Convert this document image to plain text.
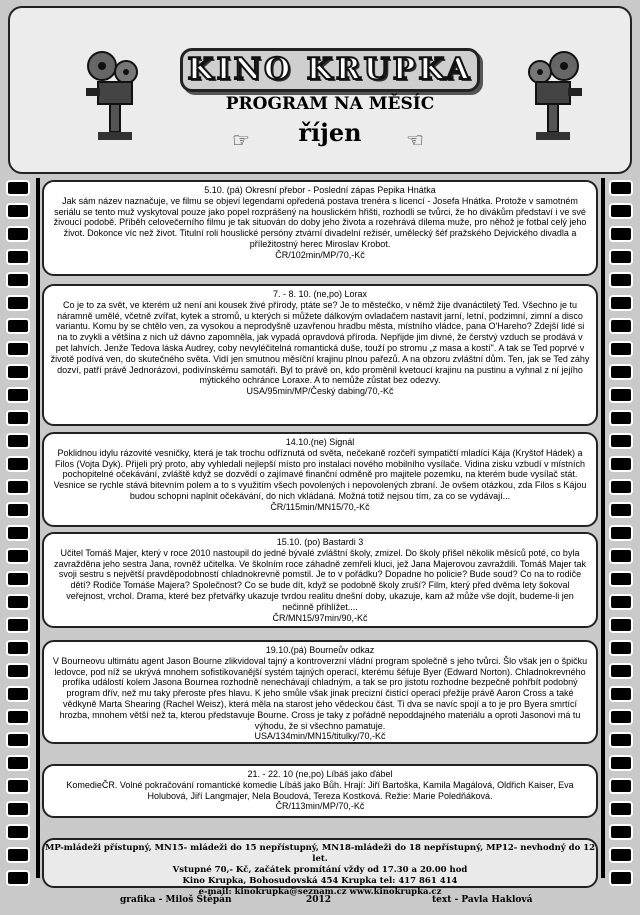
KINO KRUPKA
PROGRAM NA MĚSÍC
říjen
☞	☜
5.10. (pá) Okresní přebor - Poslední zápas Pepika Hnátka

Jak sám název naznačuje, ve filmu se objeví legendami opředená postava trenéra s licencí - Josefa Hnátka. Protože v samotném seriálu se tento muž vyskytoval pouze jako popel rozprášený na houslickém hřišti, rozhodli se tvůrci, že ho divákům představí i ve své živoucí podobě. Příběh celovečerního filmu je tak situován do doby jeho života a rozehrává dilema muže, pro něhož je fotbal celý jeho život. Dokonce víc než život. Titulní roli houslické persóny ztvární divadelní režisér, umělecký šéf pražského Dejvického divadla a příležitostný herec Miroslav Krobot.

ČR/102min/MP/70,-Kč

7. - 8. 10. (ne,po) Lorax

Co je to za svět, ve kterém už není ani kousek živé přírody, ptáte se? Je to městečko, v němž žije dvanáctiletý Ted. Všechno je tu náramně umělé, včetně zvířat, kytek a stromů, u kterých si můžete dálkovým ovladačem nastavit jarní, letní, podzimní, zimní a disco variantu. Komu by se chtělo ven, za vysokou a neprodyšně uzavřenou hradbu města, místního vládce, pana O'Hareho? Zdejší lidé si na to zvykli a většina z nich už dávno zapomněla, jak vypadá opravdová příroda. Nepřijde jim divné, že čerstvý vzduch se prodává v pet lahvích. Jenže Tedova láska Audrey, coby nevyléčitelná romantická duše, touží po stromu „z masa a kostí". A tak se Ted poprvé v životě podívá ven, do skutečného světa. Vidí jen smutnou měsíční krajinu plnou pařezů. A na obzoru zvláštní dům. Ten, jak se Ted záhy dozví, patří právě Jednorázovi, podivínskému samotáři. Byl to právě on, kdo proměnil kvetoucí krajinu na pustinu a vyhnal z ní jejího mýtického ochránce Loraxe. A to nemůže zůstat bez odezvy.

USA/95min/MP/Český dabing/70,-Kč

14.10.(ne) Signál

Poklidnou idylu rázovité vesničky, která je tak trochu odříznutá od světa, nečekaně rozčeří sympatičtí mladíci Kája (Kryštof Hádek) a Filos (Vojta Dyk). Přijeli prý proto, aby vyhledali nejlepší místo pro instalaci nového mobilního vysílače. Vidina zisku vzbudí v místních pochopitelné očekávání, zvláště když se dozvědí o zajímavé finanční odměně pro majitele pozemku, na kterém bude vysílač stát. Vesnice se rychle stává bitevním polem a to s využitím všech povolených i nepovolených zbraní. Je ovšem otázkou, zda Filos s Kájou budou schopni naplnit očekávání, do nich vkládaná. Možná totiž nejsou tím, za co se vydávají...

ČR/115min/MN15/70,-Kč

15.10. (po) Bastardi 3

Učitel Tomáš Majer, který v roce 2010 nastoupil do jedné bývalé zvláštní školy, zmizel. Do školy přišel několik měsíců poté, co byla zavražděna jeho sestra Jana, rovněž učitelka. Ve školním roce záhadně zemřeli kluci, jež Jana Majerovou zavraždili. Tomáš Majer tak svoji sestru s největší pravděpodobností chladnokrevně pomstil. Je to v pořádku? Dopadne ho policie? Bude soud? Co na to rodiče dětí? Rodiče Tomáše Majera? Společnost? Co se bude dít, když se podobně školy zruší? Film, který před dvěma lety šokoval veřejnost, vrchol. Drama, které bez přetvářky ukazuje tvrdou realitu dnešní doby, ukazuje, kam až může vše dojít, budeme-li jen nečinně přihlížet....

ČR/MN15/97min/90,-Kč

19.10.(pá) Bourneův odkaz

V Bourneovu ultimátu agent Jason Bourne zlikvidoval tajný a kontroverzní vládní program společně s jeho tvůrci. Šlo však jen o špičku ledovce, pod níž se ukrývá mnohem sofistikovanější systém tajných operací, kterému šéfuje Byer (Edward Norton). Chladnokrevného profíka událostí kolem Jasona Bournea rozhodně nenechávají chladným, a tak se pro jistotu rozhodne bezpečně pohřbít podobný program dřív, než mu taky přeroste přes hlavu. K jeho smůle však jinak precizní čistící operaci přežije právě Aaron Cross a také vědkyně Marta Shearing (Rachel Weisz), která měla na starost jeho vědeckou část. Ti dva se navíc spojí a to je pro Byera smrtící hrozba, mnohem větší než ta, kterou představuje Bourne. Cross je taky z pořádně nepoddajného materiálu a oproti Jasonovi má tu výhodu, že si všechno pamatuje.

USA/134min/MN15/titulky/70,-Kč

21. - 22. 10 (ne,po) Líbáš jako ďábel

KomedieČR. Volné pokračování romantické komedie Líbáš jako Bůh. Hrají: Jiří Bartoška, Kamila Magálová, Oldřich Kaiser, Eva Holubová, Jiří Langmajer, Nela Boudová, Tereza Kostková. Režie: Marie Poledňáková.

ČR/113min/MP/70,-Kč

MP-mládeži přístupný, MN15- mládeži do 15 nepřístupný, MN18-mládeži do 18 nepřístupný, MP12- nevhodný do 12 let.
Vstupné 70,- Kč, začátek promítání vždy od 17.30 a 20.00 hod
Kino Krupka, Bohosudovská 454 Krupka tel: 417 861 414
e-mail: kinokrupka@seznam.cz www.kinokrupka.cz
grafika - Miloš Štěpán	2012	text - Pavla Haklová
